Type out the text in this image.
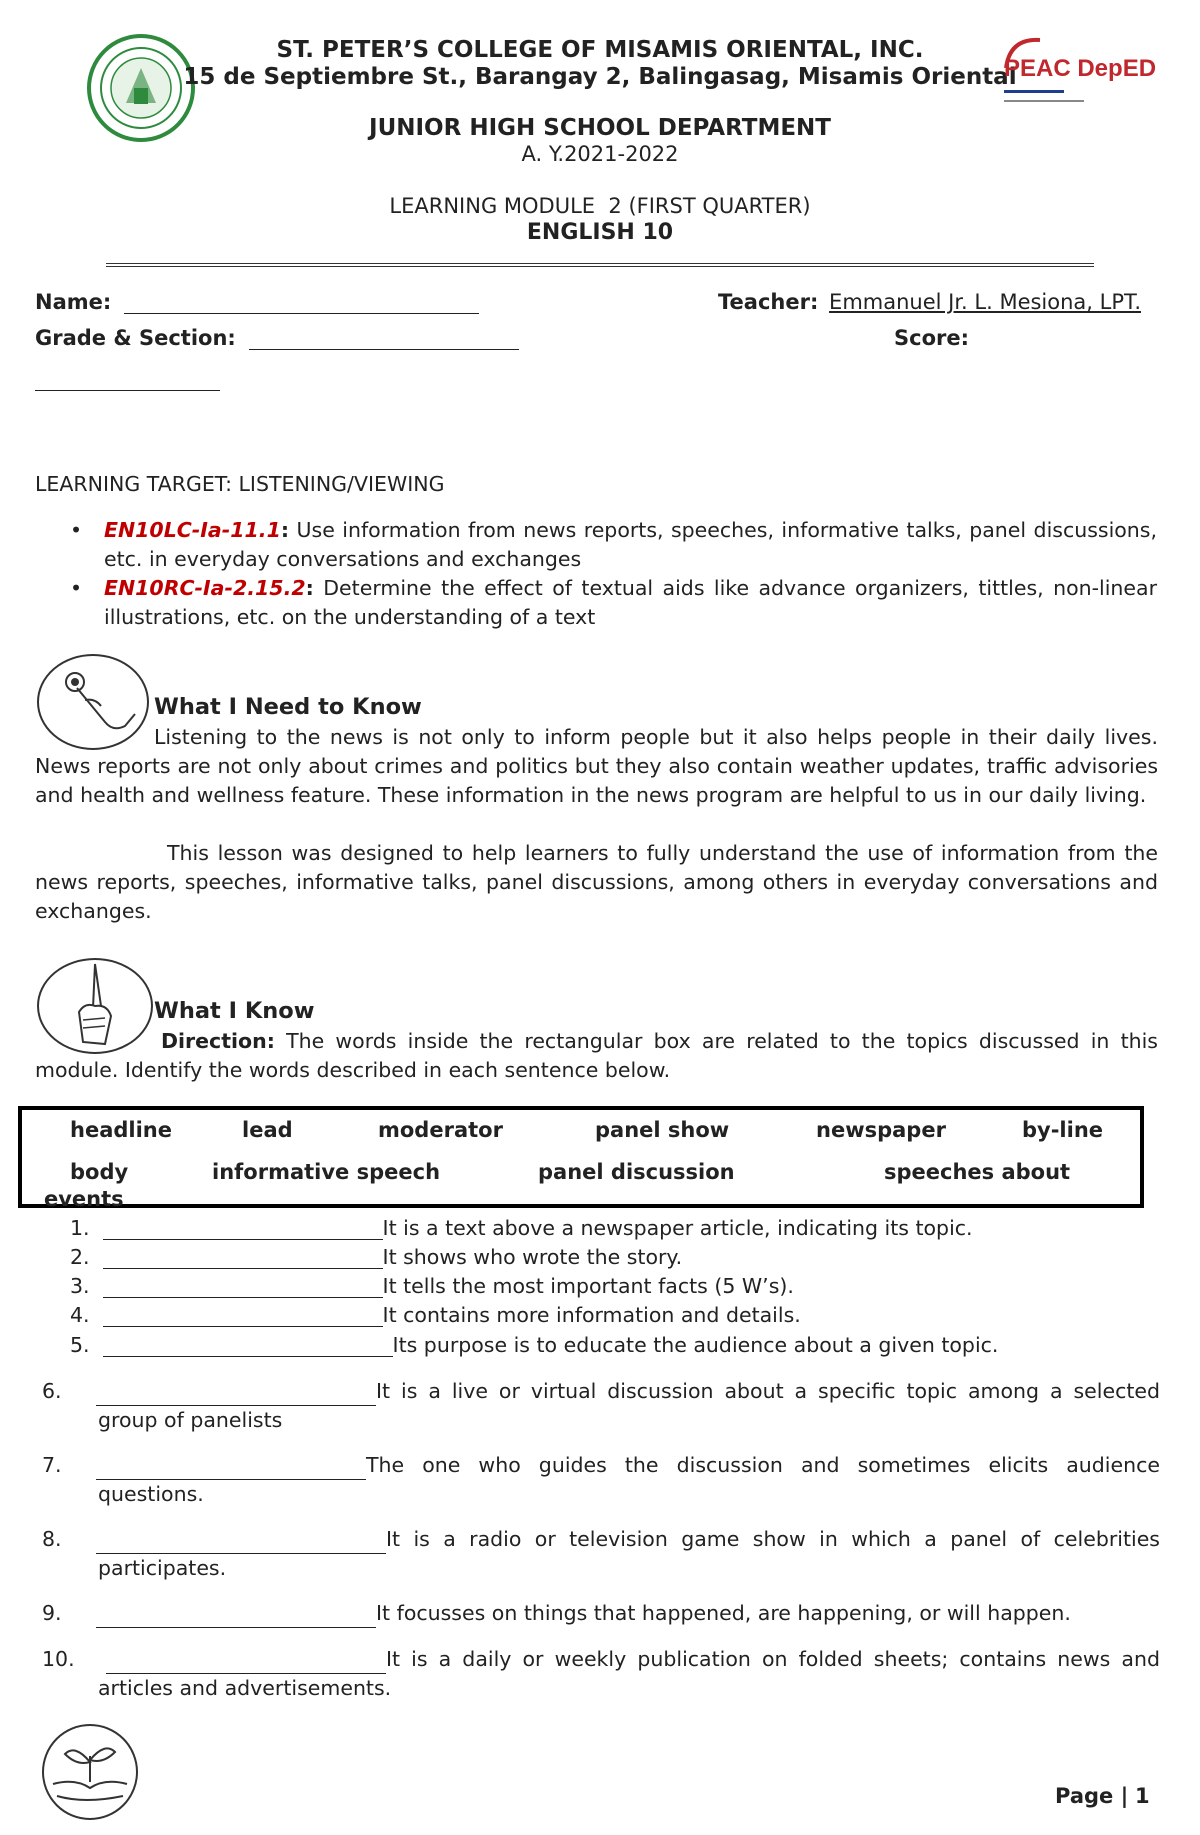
ST. PETER’S COLLEGE OF MISAMIS ORIENTAL, INC.
15 de Septiembre St., Barangay 2, Balingasag, Misamis Oriental
PEAC DepED
JUNIOR HIGH SCHOOL DEPARTMENT
A. Y.2021-2022
LEARNING MODULE  2 (FIRST QUARTER)
ENGLISH 10
Name:	Teacher: Emmanuel Jr. L. Mesiona, LPT.
Grade & Section:	Score:
LEARNING TARGET: LISTENING/VIEWING
• EN10LC-Ia-11.1: Use information from news reports, speeches, informative talks, panel discussions, etc. in everyday conversations and exchanges
• EN10RC-Ia-2.15.2: Determine the effect of textual aids like advance organizers, tittles, non-linear illustrations, etc. on the understanding of a text
What I Need to Know
Listening to the news is not only to inform people but it also helps people in their daily lives. News reports are not only about crimes and politics but they also contain weather updates, traffic advisories and health and wellness feature. These information in the news program are helpful to us in our daily living.
This lesson was designed to help learners to fully understand the use of information from the news reports, speeches, informative talks, panel discussions, among others in everyday conversations and exchanges.
What I Know
Direction: The words inside the rectangular box are related to the topics discussed in this module. Identify the words described in each sentence below.
headline	lead	moderator	panel show	newspaper	by-line
body	informative speech	panel discussion	speeches about
events
1.	It is a text above a newspaper article, indicating its topic.
2.	It shows who wrote the story.
3.	It tells the most important facts (5 W’s).
4.	It contains more information and details.
5.	Its purpose is to educate the audience about a given topic.
6.	It is a live or virtual discussion about a specific topic among a selected group of panelists
7.	The one who guides the discussion and sometimes elicits audience questions.
8.	It is a radio or television game show in which a panel of celebrities participates.
9.	It focusses on things that happened, are happening, or will happen.
10.	It is a daily or weekly publication on folded sheets; contains news and articles and advertisements.
Page | 1
